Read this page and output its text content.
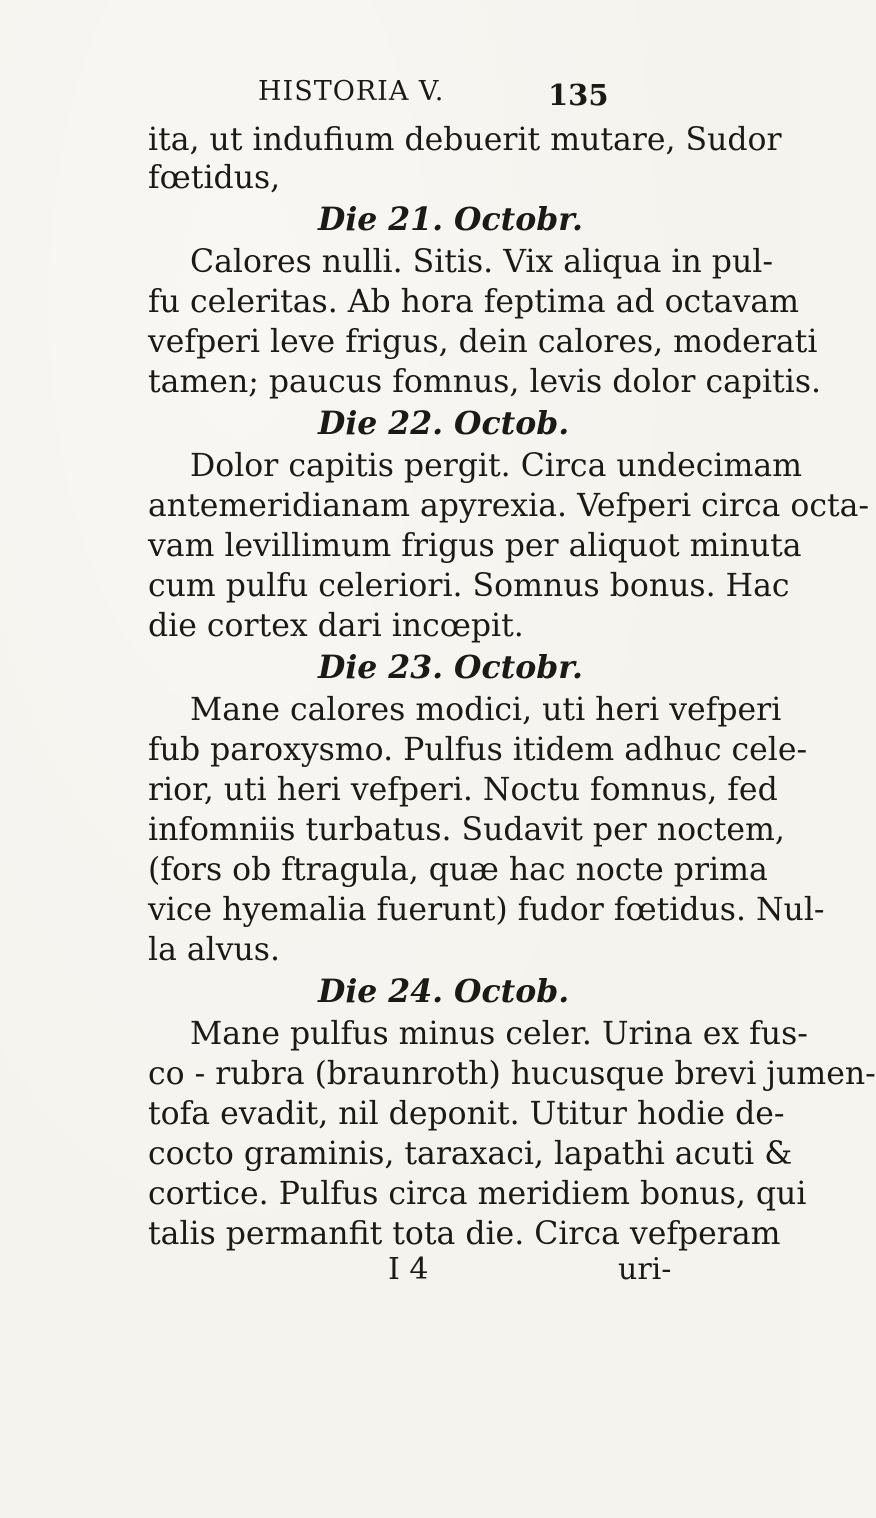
HISTORIA V.	135
ita, ut indufium debuerit mutare, Sudor
fœtidus,
Die 21. Octobr.
Calores nulli. Sitis. Vix aliqua in pul-
fu celeritas. Ab hora feptima ad octavam
vefperi leve frigus, dein calores, moderati
tamen; paucus fomnus, levis dolor capitis.
Die 22. Octob.
Dolor capitis pergit. Circa undecimam
antemeridianam apyrexia. Vefperi circa octa-
vam levillimum frigus per aliquot minuta
cum pulfu celeriori. Somnus bonus. Hac
die cortex dari incœpit.
Die 23. Octobr.
Mane calores modici, uti heri vefperi
fub paroxysmo. Pulfus itidem adhuc cele-
rior, uti heri vefperi. Noctu fomnus, fed
infomniis turbatus. Sudavit per noctem,
(fors ob ftragula, quæ hac nocte prima
vice hyemalia fuerunt) fudor fœtidus. Nul-
la alvus.
Die 24. Octob.
Mane pulfus minus celer. Urina ex fus-
co - rubra (braunroth) hucusque brevi jumen-
tofa evadit, nil deponit. Utitur hodie de-
cocto graminis, taraxaci, lapathi acuti &
cortice. Pulfus circa meridiem bonus, qui
talis permanfit tota die. Circa vefperam
I 4	uri-
